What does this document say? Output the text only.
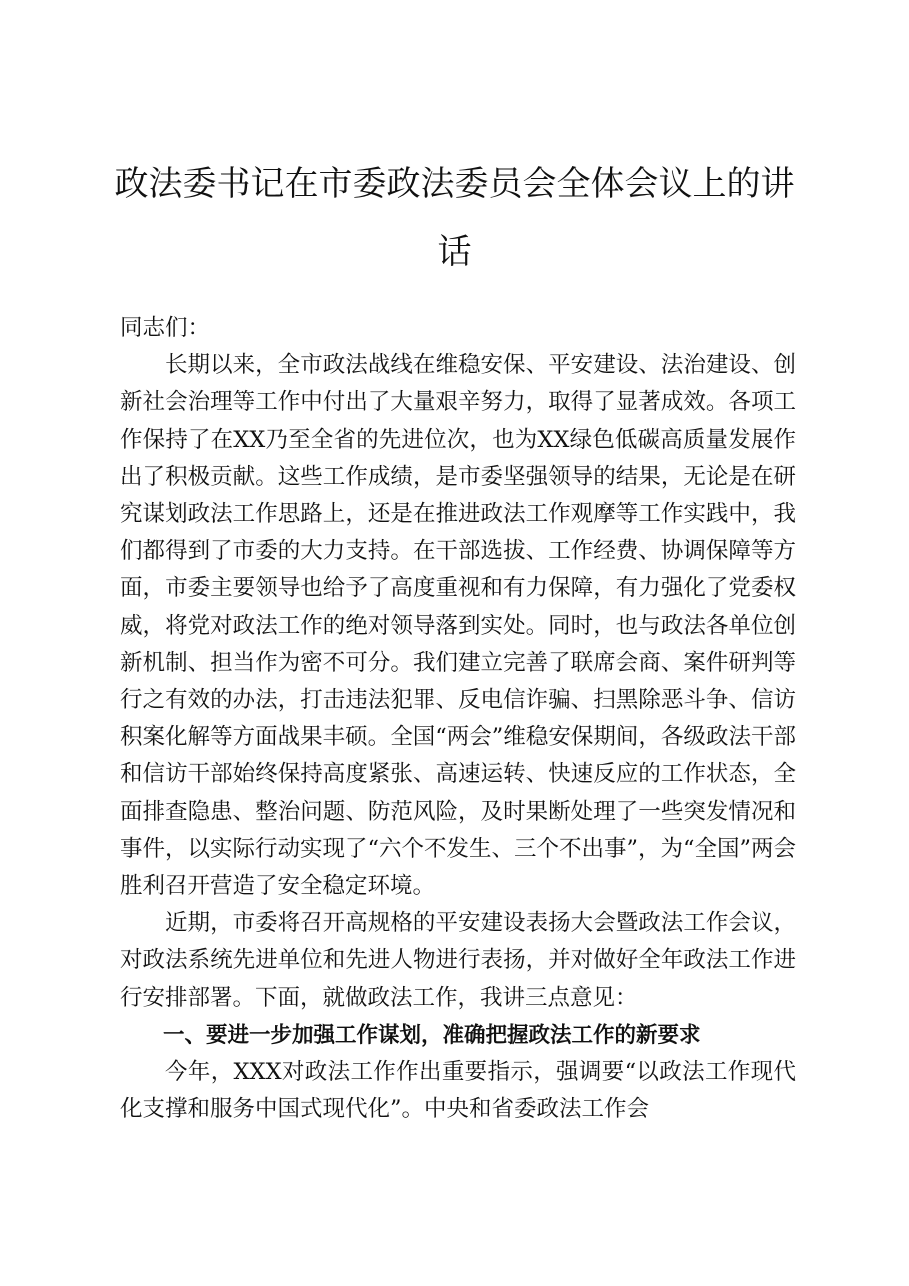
政法委书记在市委政法委员会全体会议上的讲话

同志们：

长期以来，全市政法战线在维稳安保、平安建设、法治建设、创新社会治理等工作中付出了大量艰辛努力，取得了显著成效。各项工作保持了在XX乃至全省的先进位次，也为XX绿色低碳高质量发展作出了积极贡献。这些工作成绩，是市委坚强领导的结果，无论是在研究谋划政法工作思路上，还是在推进政法工作观摩等工作实践中，我们都得到了市委的大力支持。在干部选拔、工作经费、协调保障等方面，市委主要领导也给予了高度重视和有力保障，有力强化了党委权威，将党对政法工作的绝对领导落到实处。同时，也与政法各单位创新机制、担当作为密不可分。我们建立完善了联席会商、案件研判等行之有效的办法，打击违法犯罪、反电信诈骗、扫黑除恶斗争、信访积案化解等方面战果丰硕。全国“两会”维稳安保期间，各级政法干部和信访干部始终保持高度紧张、高速运转、快速反应的工作状态，全面排查隐患、整治问题、防范风险，及时果断处理了一些突发情况和事件，以实际行动实现了“六个不发生、三个不出事”，为“全国”两会胜利召开营造了安全稳定环境。

近期，市委将召开高规格的平安建设表扬大会暨政法工作会议，对政法系统先进单位和先进人物进行表扬，并对做好全年政法工作进行安排部署。下面，就做政法工作，我讲三点意见：

一、要进一步加强工作谋划，准确把握政法工作的新要求

今年，XXX对政法工作作出重要指示，强调要“以政法工作现代化支撑和服务中国式现代化”。中央和省委政法工作会
